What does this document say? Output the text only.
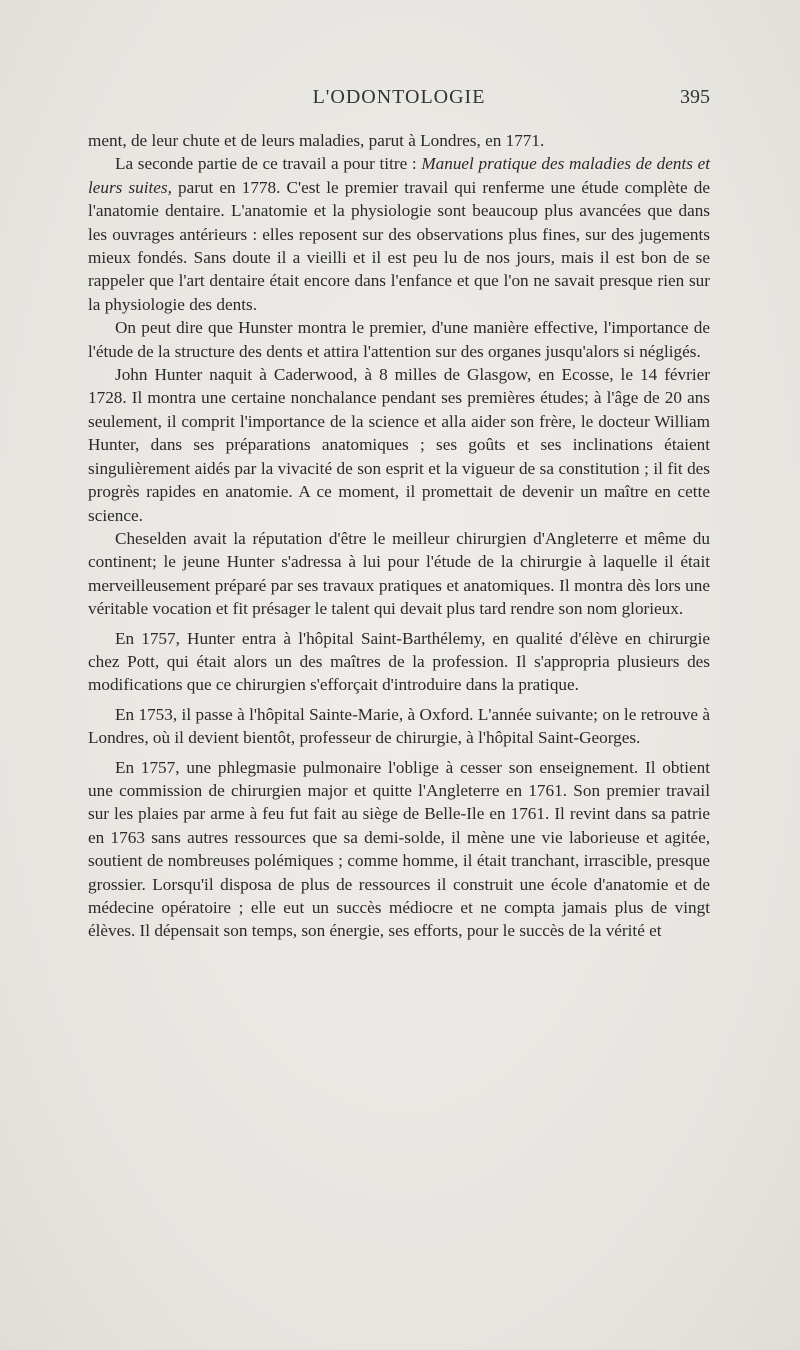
L'ODONTOLOGIE	395

ment, de leur chute et de leurs maladies, parut à Londres, en 1771.

La seconde partie de ce travail a pour titre : Manuel pratique des maladies de dents et leurs suites, parut en 1778. C'est le premier travail qui renferme une étude complète de l'anatomie dentaire. L'anatomie et la physiologie sont beaucoup plus avancées que dans les ouvrages antérieurs : elles reposent sur des observations plus fines, sur des jugements mieux fondés. Sans doute il a vieilli et il est peu lu de nos jours, mais il est bon de se rappeler que l'art dentaire était encore dans l'enfance et que l'on ne savait presque rien sur la physiologie des dents.

On peut dire que Hunster montra le premier, d'une manière effective, l'importance de l'étude de la structure des dents et attira l'attention sur des organes jusqu'alors si négligés.

John Hunter naquit à Caderwood, à 8 milles de Glasgow, en Ecosse, le 14 février 1728. Il montra une certaine nonchalance pendant ses premières études; à l'âge de 20 ans seulement, il comprit l'importance de la science et alla aider son frère, le docteur William Hunter, dans ses préparations anatomiques ; ses goûts et ses inclinations étaient singulièrement aidés par la vivacité de son esprit et la vigueur de sa constitution ; il fit des progrès rapides en anatomie. A ce moment, il promettait de devenir un maître en cette science.

Cheselden avait la réputation d'être le meilleur chirurgien d'Angleterre et même du continent; le jeune Hunter s'adressa à lui pour l'étude de la chirurgie à laquelle il était merveilleusement préparé par ses travaux pratiques et anatomiques. Il montra dès lors une véritable vocation et fit présager le talent qui devait plus tard rendre son nom glorieux.

En 1757, Hunter entra à l'hôpital Saint-Barthélemy, en qualité d'élève en chirurgie chez Pott, qui était alors un des maîtres de la profession. Il s'appropria plusieurs des modifications que ce chirurgien s'efforçait d'introduire dans la pratique.

En 1753, il passe à l'hôpital Sainte-Marie, à Oxford. L'année suivante; on le retrouve à Londres, où il devient bientôt, professeur de chirurgie, à l'hôpital Saint-Georges.

En 1757, une phlegmasie pulmonaire l'oblige à cesser son enseignement. Il obtient une commission de chirurgien major et quitte l'Angleterre en 1761. Son premier travail sur les plaies par arme à feu fut fait au siège de Belle-Ile en 1761. Il revint dans sa patrie en 1763 sans autres ressources que sa demi-solde, il mène une vie laborieuse et agitée, soutient de nombreuses polémiques ; comme homme, il était tranchant, irrascible, presque grossier. Lorsqu'il disposa de plus de ressources il construit une école d'anatomie et de médecine opératoire ; elle eut un succès médiocre et ne compta jamais plus de vingt élèves. Il dépensait son temps, son énergie, ses efforts, pour le succès de la vérité et
